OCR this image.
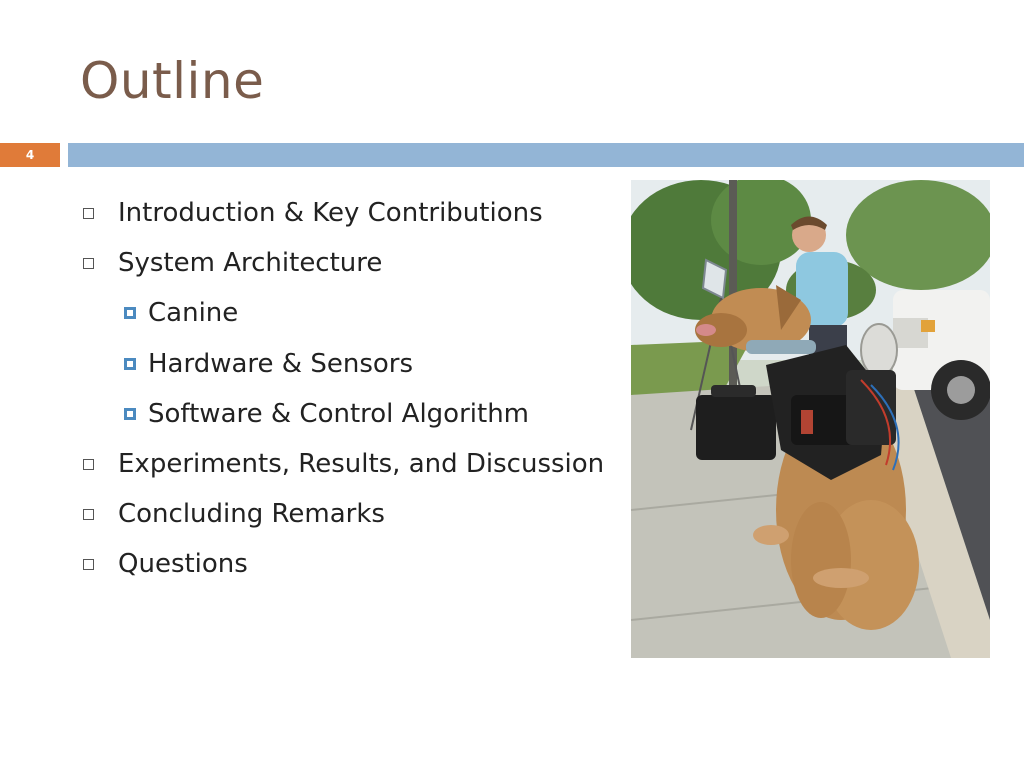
Outline
4
Introduction & Key Contributions
System Architecture
Canine
Hardware & Sensors
Software & Control Algorithm
Experiments, Results, and Discussion
Concluding Remarks
Questions
